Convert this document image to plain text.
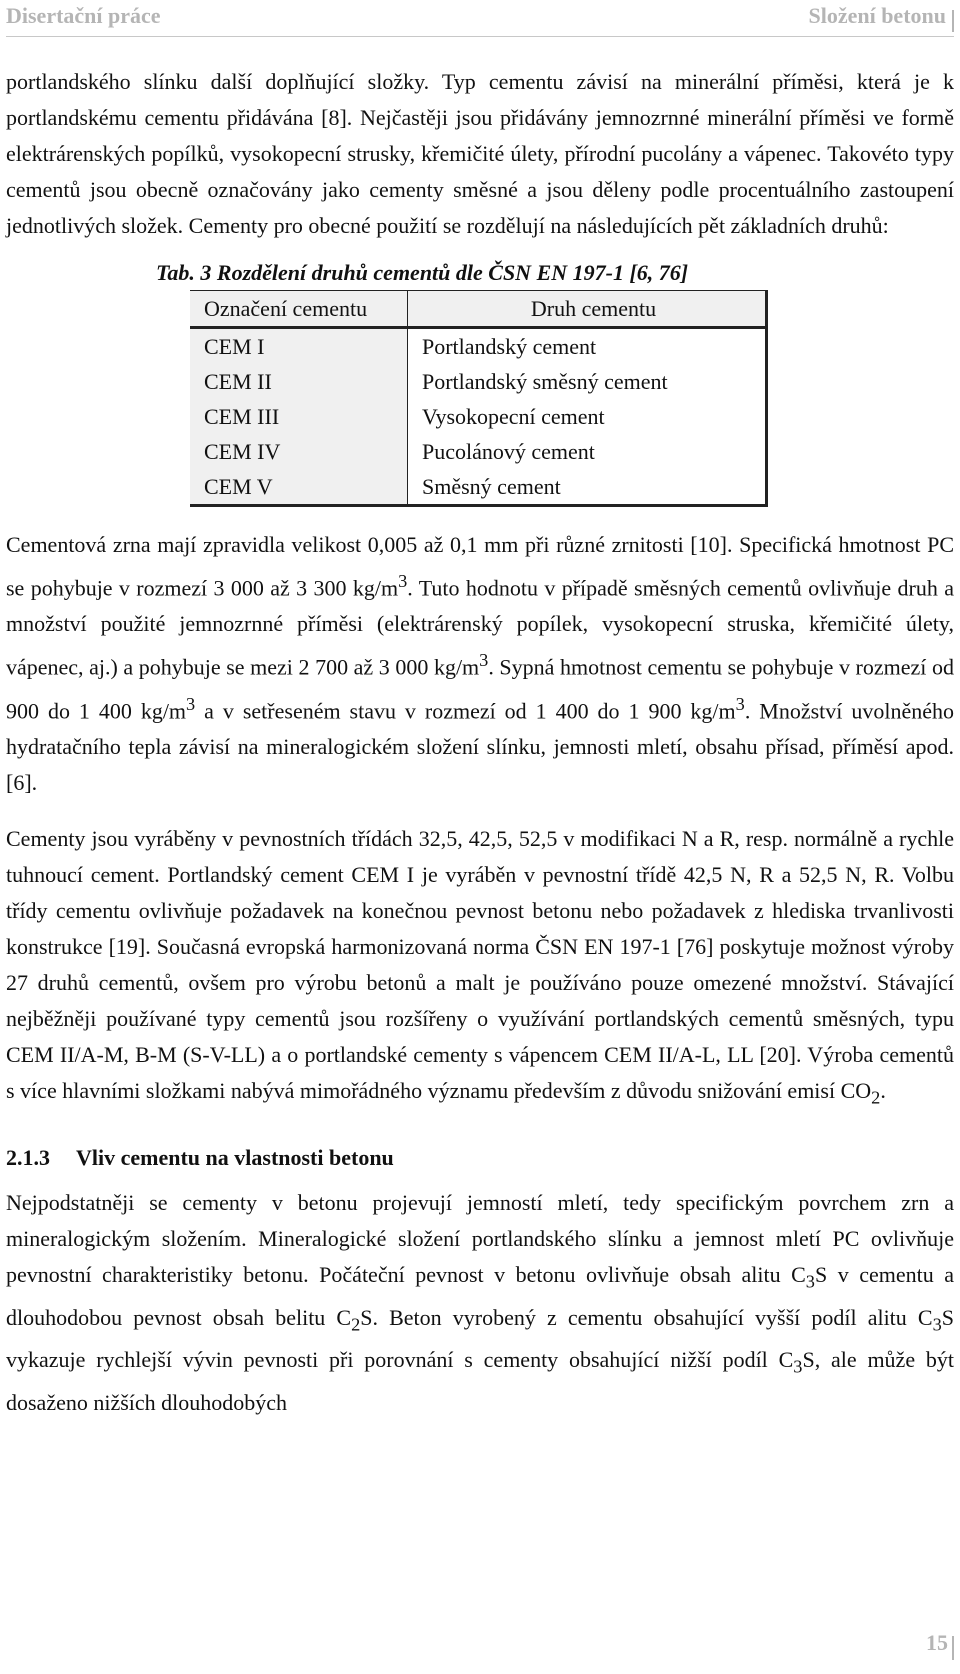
Disertační práce	Složení betonu

portlandského slínku další doplňující složky. Typ cementu závisí na minerální příměsi, která je k portlandskému cementu přidávána [8]. Nejčastěji jsou přidávány jemnozrnné minerální příměsi ve formě elektrárenských popílků, vysokopecní strusky, křemičité úlety, přírodní pucolány a vápenec. Takovéto typy cementů jsou obecně označovány jako cementy směsné a jsou děleny podle procentuálního zastoupení jednotlivých složek. Cementy pro obecné použití se rozdělují na následujících pět základních druhů:

Tab. 3 Rozdělení druhů cementů dle ČSN EN 197-1 [6, 76]

Označení cementu	Druh cementu
CEM I	Portlandský cement
CEM II	Portlandský směsný cement
CEM III	Vysokopecní cement
CEM IV	Pucolánový cement
CEM V	Směsný cement

Cementová zrna mají zpravidla velikost 0,005 až 0,1 mm při různé zrnitosti [10]. Specifická hmotnost PC se pohybuje v rozmezí 3 000 až 3 300 $kg/m^3$. Tuto hodnotu v případě směsných cementů ovlivňuje druh a množství použité jemnozrnné příměsi (elektrárenský popílek, vysokopecní struska, křemičité úlety, vápenec, aj.) a pohybuje se mezi 2 700 až 3 000 $kg/m^3$. Sypná hmotnost cementu se pohybuje v rozmezí od 900 do 1 400 $kg/m^3$ a v setřeseném stavu v rozmezí od 1 400 do 1 900 $kg/m^3$. Množství uvolněného hydratačního tepla závisí na mineralogickém složení slínku, jemnosti mletí, obsahu přísad, příměsí apod. [6].

Cementy jsou vyráběny v pevnostních třídách 32,5, 42,5, 52,5 v modifikaci N a R, resp. normálně a rychle tuhnoucí cement. Portlandský cement CEM I je vyráběn v pevnostní třídě 42,5 N, R a 52,5 N, R. Volbu třídy cementu ovlivňuje požadavek na konečnou pevnost betonu nebo požadavek z hlediska trvanlivosti konstrukce [19]. Současná evropská harmonizovaná norma ČSN EN 197-1 [76] poskytuje možnost výroby 27 druhů cementů, ovšem pro výrobu betonů a malt je používáno pouze omezené množství. Stávající nejběžněji používané typy cementů jsou rozšířeny o využívání portlandských cementů směsných, typu CEM II/A-M, B-M (S-V-LL) a o portlandské cementy s vápencem CEM II/A-L, LL [20]. Výroba cementů s více hlavními složkami nabývá mimořádného významu především z důvodu snižování emisí $CO_2$.

2.1.3 Vliv cementu na vlastnosti betonu

Nejpodstatněji se cementy v betonu projevují jemností mletí, tedy specifickým povrchem zrn a mineralogickým složením. Mineralogické složení portlandského slínku a jemnost mletí PC ovlivňuje pevnostní charakteristiky betonu. Počáteční pevnost v betonu ovlivňuje obsah alitu $C_3S$ v cementu a dlouhodobou pevnost obsah belitu $C_2S$. Beton vyrobený z cementu obsahující vyšší podíl alitu $C_3S$ vykazuje rychlejší vývin pevnosti při porovnání s cementy obsahující nižší podíl $C_3S$, ale může být dosaženo nižších dlouhodobých

15
